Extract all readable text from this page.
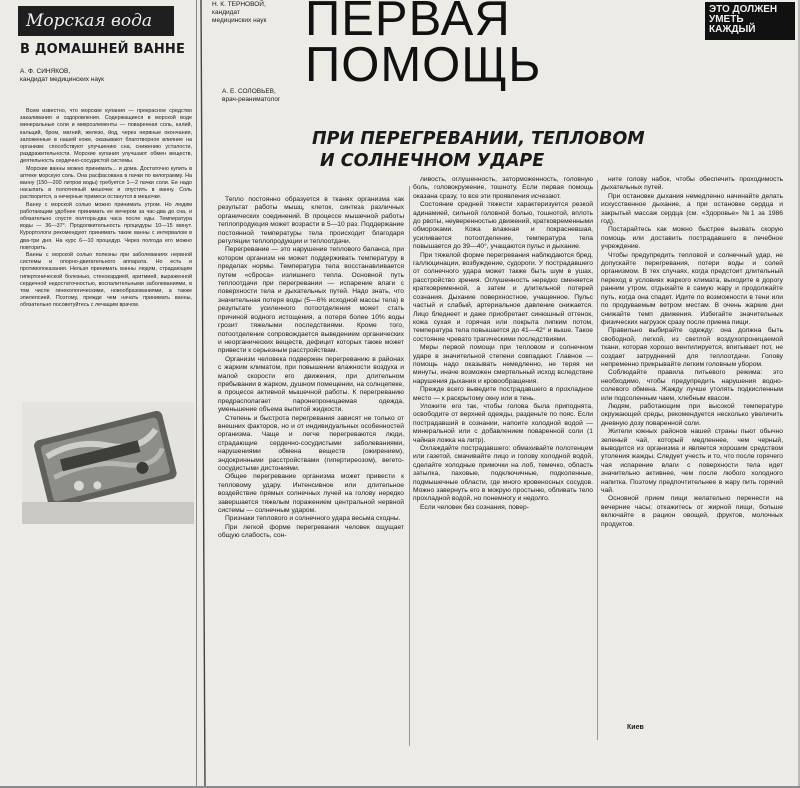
Морская вода
В ДОМАШНЕЙ ВАННЕ
А. Ф. СИНЯКОВ,
кандидат медицинских наук

Всем известно, что морские купания — прекрасное средство закаливания и оздоровления. Содержащиеся в морской воде минеральные соли и микроэлементы — поваренная соль, калий, кальций, бром, магний, железо, йод, через нервные окончания, заложенные в нашей коже, оказывают благотворное влияние на организм: способствуют улучшению сна, снижению усталости, раздражительности. Морские купания улучшают обмен веществ, деятельность сердечно-сосудистой системы.

Морские ванны можно принимать... и дома. Достаточно купить в аптеке морскую соль. Она расфасована в пачки по килограмму. На ванну (150—200 литров воды) требуется 1—2 пачки соли. Ее надо насыпать в полотняный мешочек и опустить в ванну. Соль растворится, а нечерные примеси останутся в мешочке.

Ванну с морской солью можно принимать утром. Но людям работающим удобнее принимать ее вечером за час-два до сна, и обязательно спустя полтора-два часа после еды. Температура воды — 36—37°. Продолжительность процедуры 10—15 минут. Курортологи рекомендуют принимать такие ванны с интервалом в два-три дня. На курс 6—10 процедур. Через полгода его можно повторить.

Ванны с морской солью полезны при заболеваниях нервной системы и опорно-двигательного аппарата. Но есть и противопоказания. Нельзя принимать ванны людям, страдающим гипертонической болезнью, стенокардией, аритмией, выраженной сердечной недостаточностью, воспалительными заболеваниями, в том числе гинекологическими, новообразованиями, а также эпилепсией. Поэтому, прежде чем начать принимать ванны, обязательно посоветуйтесь с лечащим врачом.

Н. К. ТЕРНОВОЙ,
кандидат
медицинских наук
А. Е. СОЛОВЬЕВ,
врач-реаниматолог
ПЕРВАЯ
ПОМОЩЬ
ЭТО ДОЛЖЕН
УМЕТЬ
КАЖДЫЙ
ПРИ ПЕРЕГРЕВАНИИ, ТЕПЛОВОМ
И СОЛНЕЧНОМ УДАРЕ

Тепло постоянно образуется в тканях организма как результат работы мышц, клеток, синтеза различных органических соединений. В процессе мышечной работы теплопродукция может возрасти в 5—10 раз. Поддержание постоянной температуры тела происходит благодаря регуляции теплопродукции и теплоотдачи.

Перегревание — это нарушение теплового баланса, при котором организм не может поддерживать температуру в пределах нормы. Температура тела восстанавливается путем «сброса» излишнего тепла. Основной путь теплоотдачи при перегревании — испарение влаги с поверхности тела и дыхательных путей. Надо знать, что значительная потеря воды (5—6% исходной массы тела) в результате усиленного потоотделения может стать причиной водного истощения, а потеря более 10% воды грозит тяжелыми последствиями. Кроме того, потоотделение сопровождается выведением органических и неорганических веществ, дефицит которых также может привести к серьезным расстройствам.

Организм человека подвержен перегреванию в районах с жарким климатом, при повышении влажности воздуха и малой скорости его движения, при длительном пребывании в жарком, душном помещении, на солнцепеке, в процессе активной мышечной работы. К перегреванию предрасполагает паронепроницаемая одежда, уменьшение объема выпитой жидкости.

Степень и быстрота перегревания зависят не только от внешних факторов, но и от индивидуальных особенностей организма. Чаще и легче перегреваются люди, страдающие сердечно-сосудистыми заболеваниями, нарушениями обмена веществ (ожирением), эндокринными расстройствами (гипертиреозом), вегето-сосудистыми дистониями.

Общее перегревание организма может привести к тепловому удару. Интенсивное или длительное воздействие прямых солнечных лучей на голову нередко завершается тяжелым поражением центральной нервной системы — солнечным ударом.

Признаки теплового и солнечного удара весьма сходны.

При легкой форме перегревания человек ощущает общую слабость, сон-

ливость, оглушенность, заторможенность, головную боль, головокружение, тошноту. Если первая помощь оказана сразу, то все эти проявления исчезают.

Состояние средней тяжести характеризуется резкой адинамией, сильной головной болью, тошнотой, вплоть до рвоты, неуверенностью движений, кратковременными обмороками. Кожа влажная и покрасневшая, усиливается потоотделение, температура тела повышается до 39—40°, учащаются пульс и дыхание.

При тяжелой форме перегревания наблюдаются бред, галлюцинации, возбуждение, судороги. У пострадавшего от солнечного удара может также быть шум в ушах, расстройство зрения. Оглушенность нередко сменяется кратковременной, а затем и длительной потерей сознания. Дыхание поверхностное, учащенное. Пульс частый и слабый, артериальное давление снижается. Лицо бледнеет и даже приобретает синюшный оттенок, кожа сухая и горячая или покрыта липким потом, температура тела повышается до 41—42° и выше. Такое состояние чревато трагическими последствиями.

Меры первой помощи при тепловом и солнечном ударе в значительной степени совпадают. Главное — помощь надо оказывать немедленно, не теряя ни минуты, иначе возможен смертельный исход вследствие нарушения дыхания и кровообращения.

Прежде всего выведите пострадавшего в прохладное место — к раскрытому окну или в тень.

Уложите его так, чтобы голова была приподнята, освободите от верхней одежды, разденьте по пояс. Если пострадавший в сознании, напоите холодной водой — минеральной или с добавлением поваренной соли (1 чайная ложка на литр).

Охлаждайте пострадавшего: обмахивайте полотенцем или газетой, смачивайте лицо и голову холодной водой, сделайте холодные примочки на лоб, темечко, область затылка, паховые, подключичные, подколенные, подмышечные области, где много кровеносных сосудов. Можно завернуть его в мокрую простыню, обливать тело прохладной водой, но понемногу и недолго.

Если человек без сознания, повер-

ните голову набок, чтобы обеспечить проходимость дыхательных путей.

При остановке дыхания немедленно начинайте делать искусственное дыхание, а при остановке сердца и закрытый массаж сердца (см. «Здоровье» №1 за 1986 год).

Постарайтесь как можно быстрее вызвать скорую помощь или доставить пострадавшего в лечебное учреждение.

Чтобы предупредить тепловой и солнечный удар, не допускайте перегревания, потери воды и солей организмом. В тех случаях, когда предстоит длительный переход в условиях жаркого климата, выходите в дорогу ранним утром, отдыхайте в самую жару и продолжайте путь, когда она спадет. Идите по возможности в тени или по продуваемым ветром местам. В очень жаркие дни снижайте темп движения. Избегайте значительных физических нагрузок сразу после приема пищи.

Правильно выбирайте одежду: она должна быть свободной, легкой, из светлой воздухопроницаемой ткани, которая хорошо вентилируется, впитывает пот, не создает затруднений для теплоотдачи. Голову непременно прикрывайте легким головным убором.

Соблюдайте правила питьевого режима: это необходимо, чтобы предупредить нарушения водно-солевого обмена. Жажду лучше утолять подкисленным или подсоленным чаем, хлебным квасом.

Людям, работающим при высокой температуре окружающей среды, рекомендуется несколько увеличить дневную дозу поваренной соли.

Жители южных районов нашей страны пьют обычно зеленый чай, который медленнее, чем черный, выводится из организма и является хорошим средством утоления жажды. Следует учесть и то, что после горячего чая испарение влаги с поверхности тела идет значительно активнее, чем после любого холодного напитка. Поэтому предпочтительнее в жару пить горячий чай.

Основной прием пищи желательно перенести на вечерние часы; откажитесь от жирной пищи, больше включайте в рацион овощей, фруктов, молочных продуктов.

Киев
